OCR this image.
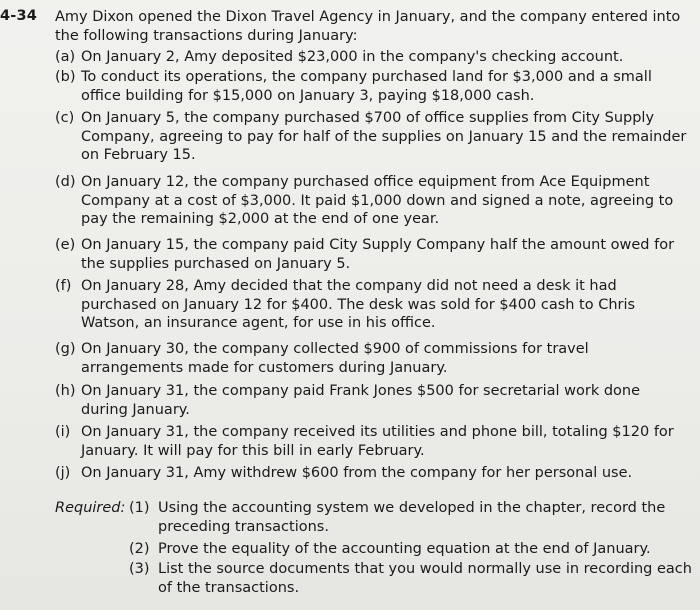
4-34 Amy Dixon opened the Dixon Travel Agency in January, and the company entered into the following transactions during January:
(a) On January 2, Amy deposited $23,000 in the company's checking account.
(b) To conduct its operations, the company purchased land for $3,000 and a small office building for $15,000 on January 3, paying $18,000 cash.
(c) On January 5, the company purchased $700 of office supplies from City Supply Company, agreeing to pay for half of the supplies on January 15 and the remainder on February 15.
(d) On January 12, the company purchased office equipment from Ace Equipment Company at a cost of $3,000. It paid $1,000 down and signed a note, agreeing to pay the remaining $2,000 at the end of one year.
(e) On January 15, the company paid City Supply Company half the amount owed for the supplies purchased on January 5.
(f) On January 28, Amy decided that the company did not need a desk it had purchased on January 12 for $400. The desk was sold for $400 cash to Chris Watson, an insurance agent, for use in his office.
(g) On January 30, the company collected $900 of commissions for travel arrangements made for customers during January.
(h) On January 31, the company paid Frank Jones $500 for secretarial work done during January.
(i) On January 31, the company received its utilities and phone bill, totaling $120 for January. It will pay for this bill in early February.
(j) On January 31, Amy withdrew $600 from the company for her personal use.
Required: (1) Using the accounting system we developed in the chapter, record the preceding transactions.
(2) Prove the equality of the accounting equation at the end of January.
(3) List the source documents that you would normally use in recording each of the transactions.
